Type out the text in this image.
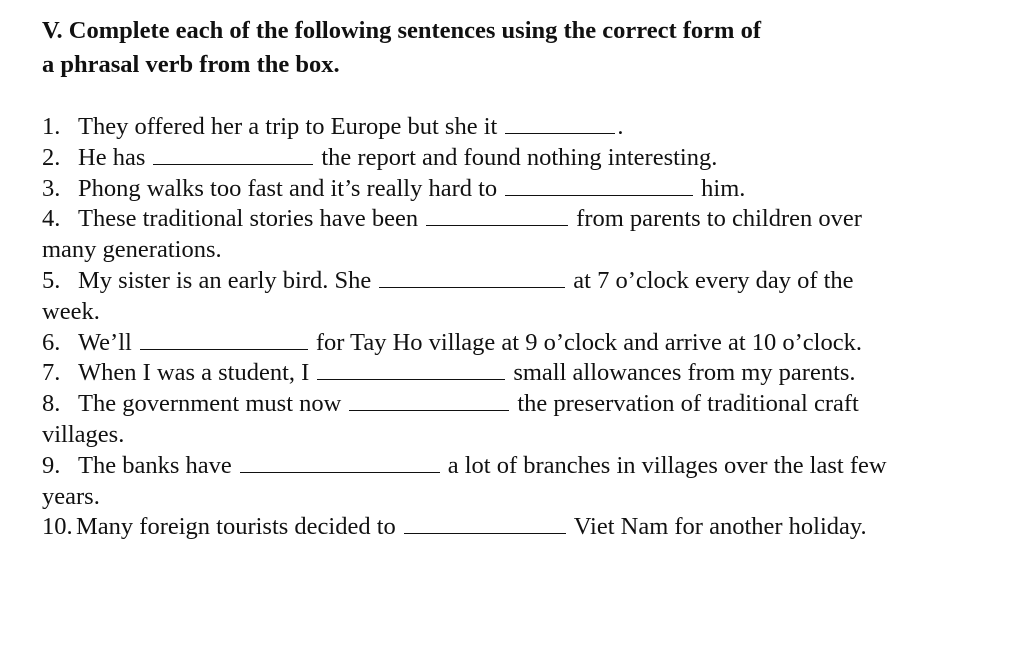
V. Complete each of the following sentences using the correct form of
a phrasal verb from the box.

1. They offered her a trip to Europe but she it	.
2. He has	the report and found nothing interesting.
3. Phong walks too fast and it’s really hard to	him.
4. These traditional stories have been	from parents to children over many generations.
5. My sister is an early bird. She	at 7 o’clock every day of the week.
6. We’ll	for Tay Ho village at 9 o’clock and arrive at 10 o’clock.
7. When I was a student, I	small allowances from my parents.
8. The government must now	the preservation of traditional craft villages.
9. The banks have	a lot of branches in villages over the last few years.
10. Many foreign tourists decided to	Viet Nam for another holiday.
